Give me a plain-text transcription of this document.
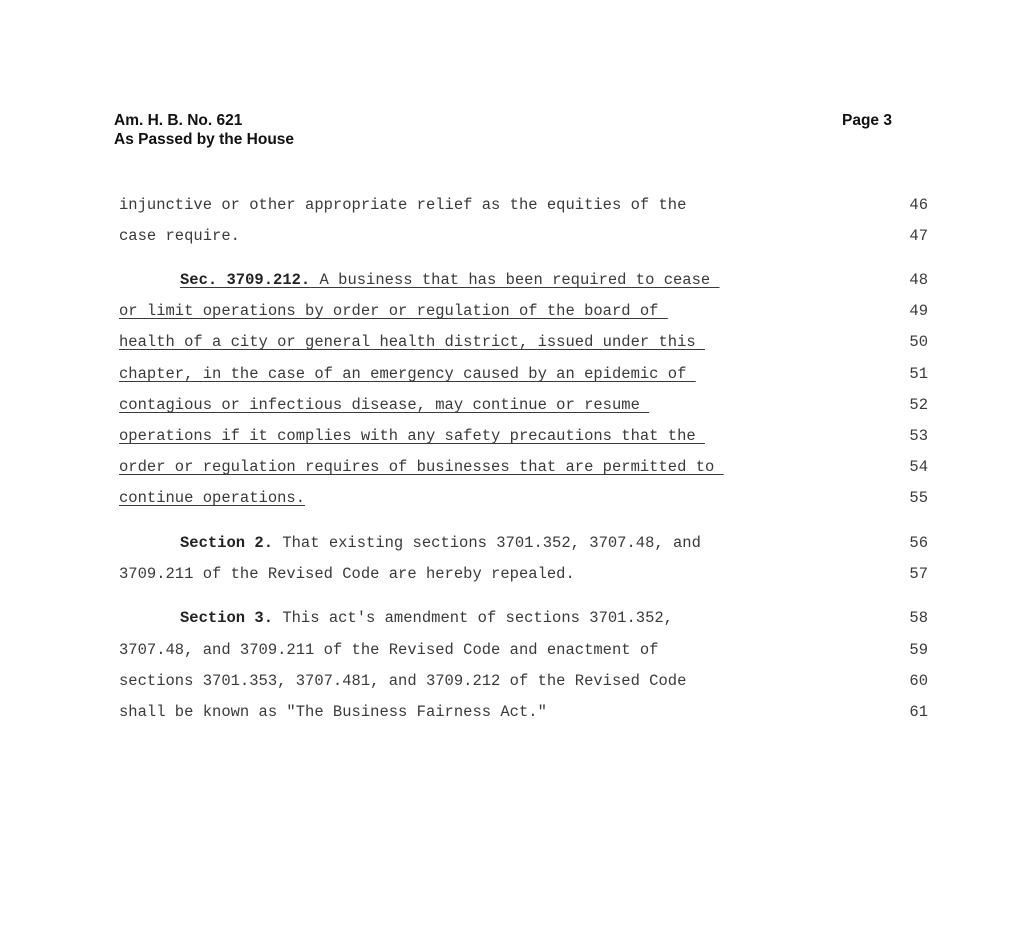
Am. H. B. No. 621
As Passed by the House
Page 3
injunctive or other appropriate relief as the equities of the	46
case require.	47
Sec. 3709.212. A business that has been required to cease	48
or limit operations by order or regulation of the board of	49
health of a city or general health district, issued under this	50
chapter, in the case of an emergency caused by an epidemic of	51
contagious or infectious disease, may continue or resume	52
operations if it complies with any safety precautions that the	53
order or regulation requires of businesses that are permitted to	54
continue operations.	55
Section 2. That existing sections 3701.352, 3707.48, and	56
3709.211 of the Revised Code are hereby repealed.	57
Section 3. This act's amendment of sections 3701.352,	58
3707.48, and 3709.211 of the Revised Code and enactment of	59
sections 3701.353, 3707.481, and 3709.212 of the Revised Code	60
shall be known as "The Business Fairness Act."	61
